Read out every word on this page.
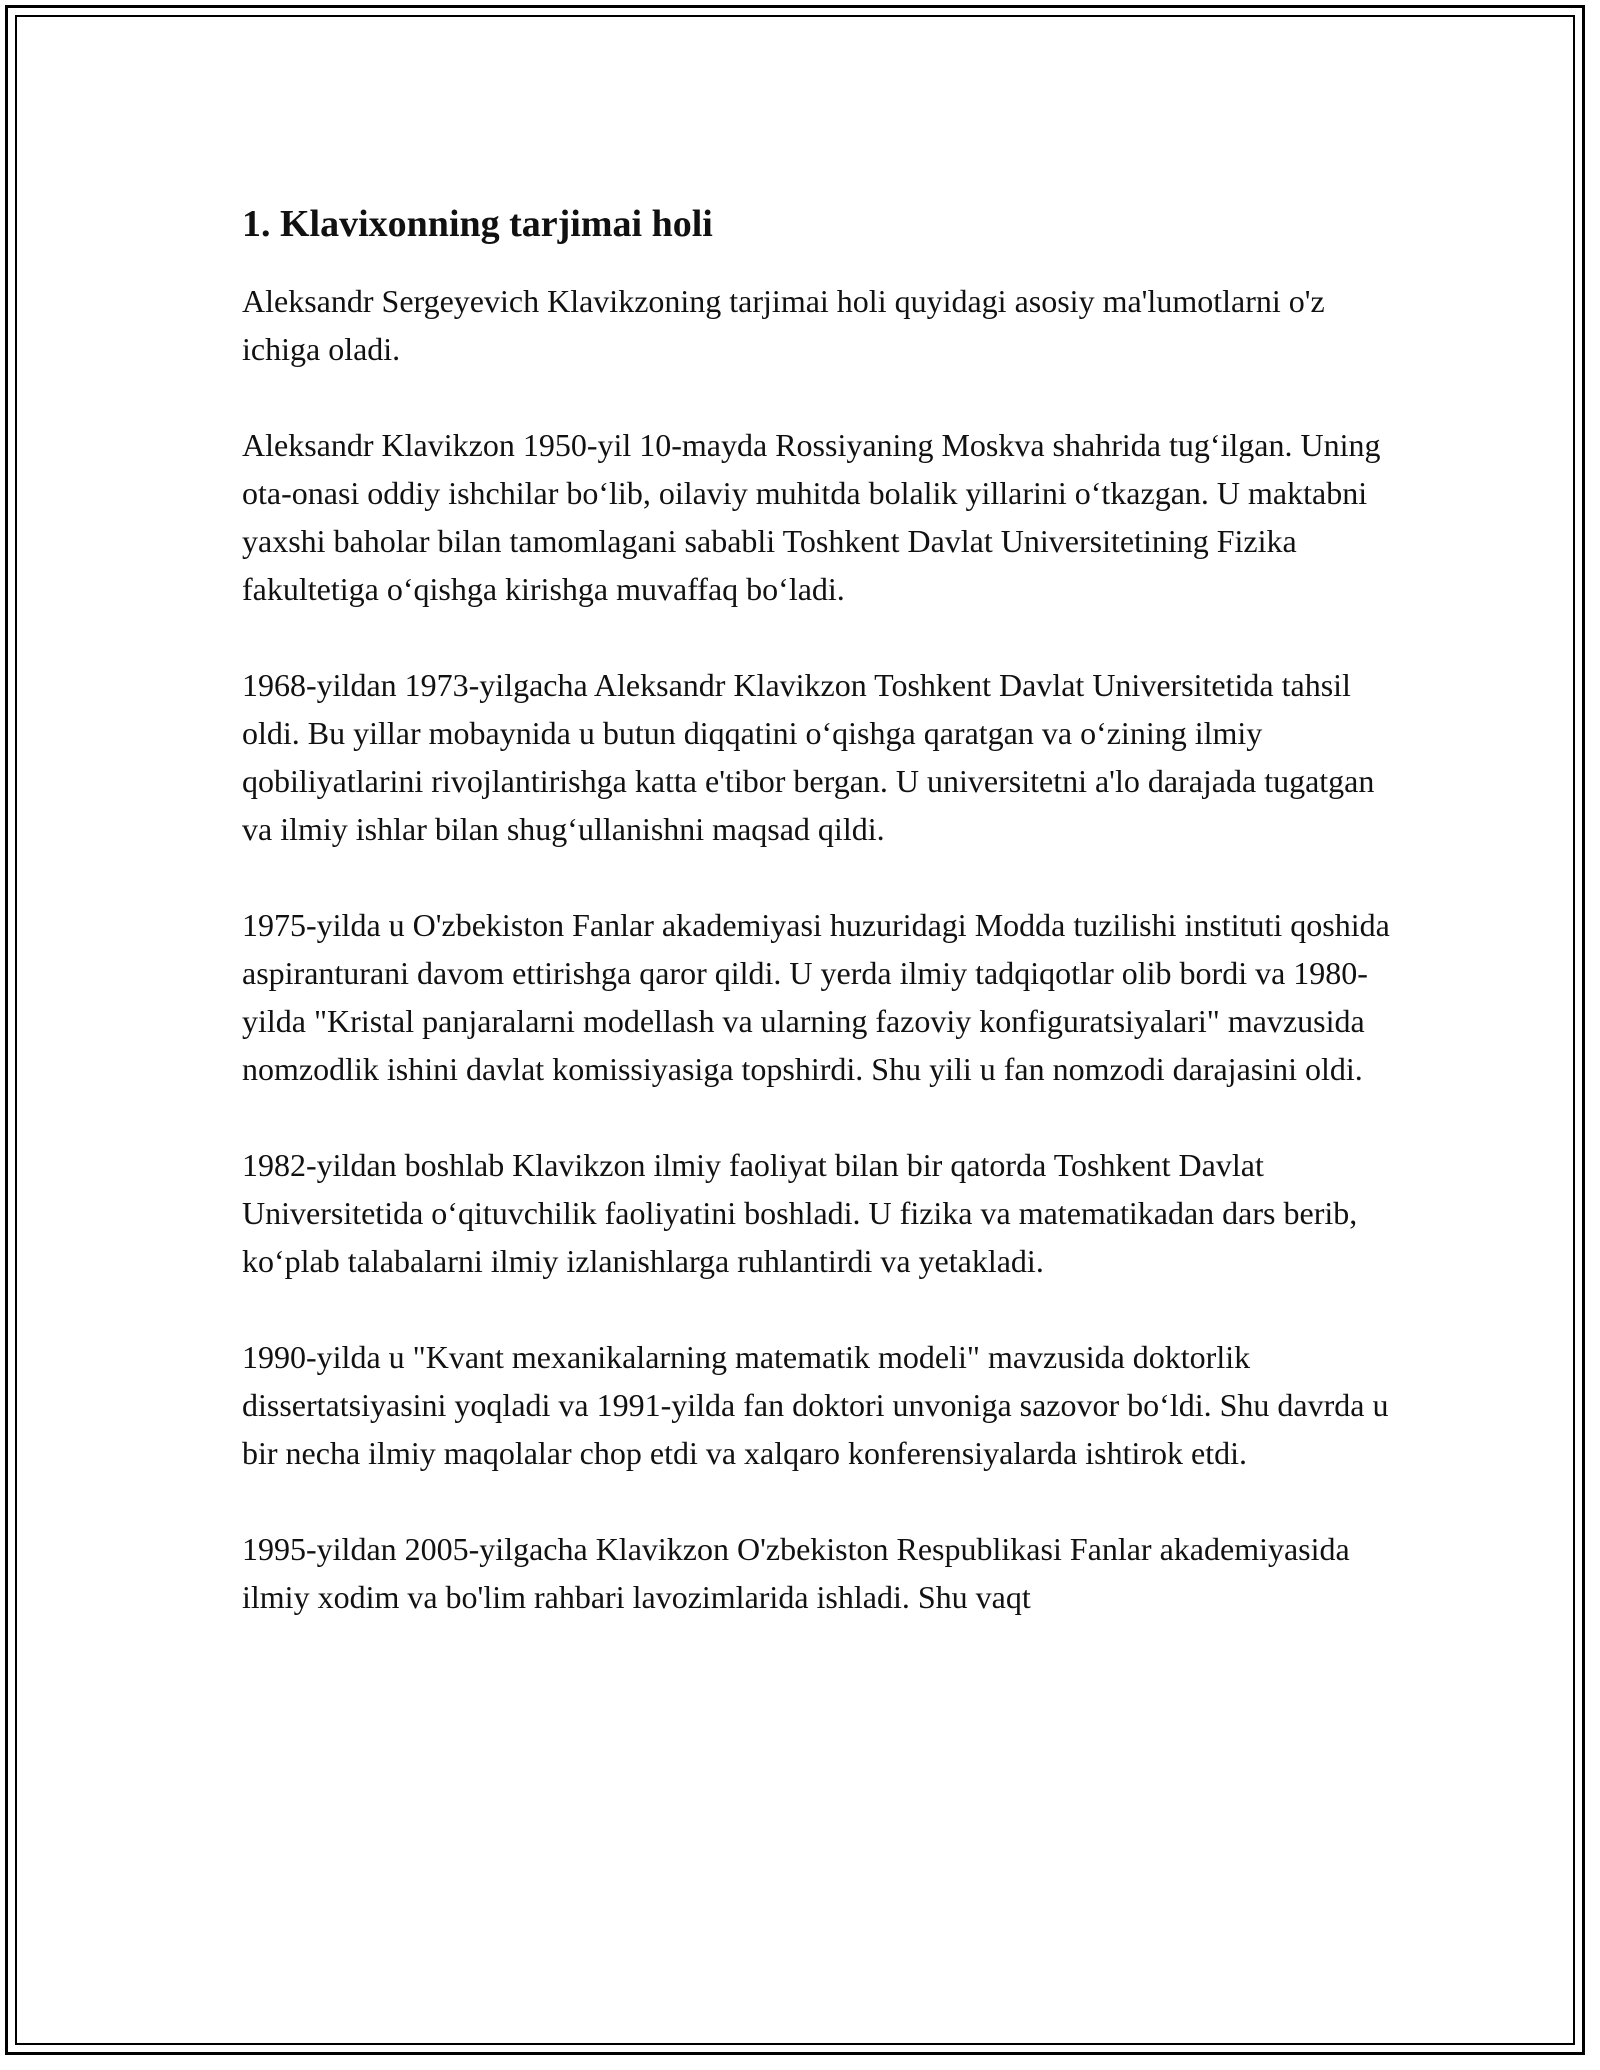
1. Klavixonning tarjimai holi

Aleksandr Sergeyevich Klavikzoning tarjimai holi quyidagi asosiy ma'lumotlarni o'z ichiga oladi.

Aleksandr Klavikzon 1950-yil 10-mayda Rossiyaning Moskva shahrida tug‘ilgan. Uning ota-onasi oddiy ishchilar bo‘lib, oilaviy muhitda bolalik yillarini o‘tkazgan. U maktabni yaxshi baholar bilan tamomlagani sababli Toshkent Davlat Universitetining Fizika fakultetiga o‘qishga kirishga muvaffaq bo‘ladi.

1968-yildan 1973-yilgacha Aleksandr Klavikzon Toshkent Davlat Universitetida tahsil oldi. Bu yillar mobaynida u butun diqqatini o‘qishga qaratgan va o‘zining ilmiy qobiliyatlarini rivojlantirishga katta e'tibor bergan. U universitetni a'lo darajada tugatgan va ilmiy ishlar bilan shug‘ullanishni maqsad qildi.

1975-yilda u O'zbekiston Fanlar akademiyasi huzuridagi Modda tuzilishi instituti qoshida aspiranturani davom ettirishga qaror qildi. U yerda ilmiy tadqiqotlar olib bordi va 1980-yilda "Kristal panjaralarni modellash va ularning fazoviy konfiguratsiyalari" mavzusida nomzodlik ishini davlat komissiyasiga topshirdi. Shu yili u fan nomzodi darajasini oldi.

1982-yildan boshlab Klavikzon ilmiy faoliyat bilan bir qatorda Toshkent Davlat Universitetida o‘qituvchilik faoliyatini boshladi. U fizika va matematikadan dars berib, ko‘plab talabalarni ilmiy izlanishlarga ruhlantirdi va yetakladi.

1990-yilda u "Kvant mexanikalarning matematik modeli" mavzusida doktorlik dissertatsiyasini yoqladi va 1991-yilda fan doktori unvoniga sazovor bo‘ldi. Shu davrda u bir necha ilmiy maqolalar chop etdi va xalqaro konferensiyalarda ishtirok etdi.

1995-yildan 2005-yilgacha Klavikzon O'zbekiston Respublikasi Fanlar akademiyasida ilmiy xodim va bo'lim rahbari lavozimlarida ishladi. Shu vaqt
